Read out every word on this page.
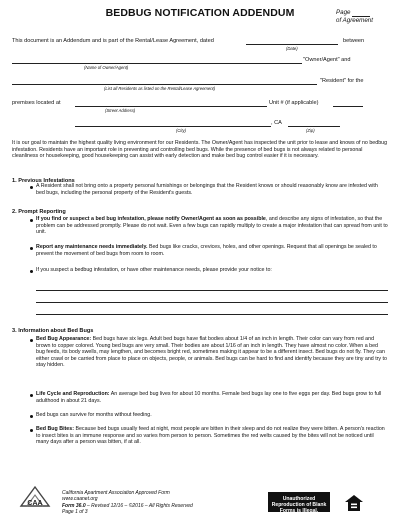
BEDBUG NOTIFICATION ADDENDUM	Page
of Agreement
This document is an Addendum and is part of the Rental/Lease Agreement, dated	between
(Date)
"Owner/Agent" and
(Name of Owner/Agent)
"Resident" for the
(List all Residents as listed on the Rental/Lease Agreement)
premises located at	Unit # (if applicable)
(Street Address)
, CA
(City)	(Zip)
It is our goal to maintain the highest quality living environment for our Residents. The Owner/Agent has inspected the unit prior to lease and knows of no bedbug infestation. Residents have an important role in preventing and controlling bed bugs. While the presence of bed bugs is not always related to personal cleanliness or housekeeping, good housekeeping can assist with early detection and make bed bug control easier if it is necessary.
1. Previous Infestations
A Resident shall not bring onto a property personal furnishings or belongings that the Resident knows or should reasonably know are infested with bed bugs, including the personal property of the Resident's guests.
2. Prompt Reporting
If you find or suspect a bed bug infestation, please notify Owner/Agent as soon as possible, and describe any signs of infestation, so that the problem can be addressed promptly. Please do not wait. Even a few bugs can rapidly multiply to create a major infestation that can spread from unit to unit.
Report any maintenance needs immediately. Bed bugs like cracks, crevices, holes, and other openings. Request that all openings be sealed to prevent the movement of bed bugs from room to room.
If you suspect a bedbug infestation, or have other maintenance needs, please provide your notice to:
3. Information about Bed Bugs
Bed Bug Appearance: Bed bugs have six legs. Adult bed bugs have flat bodies about 1/4 of an inch in length. Their color can vary from red and brown to copper colored. Young bed bugs are very small. Their bodies are about 1/16 of an inch in length. They have almost no color. When a bed bug feeds, its body swells, may lengthen, and becomes bright red, sometimes making it appear to be a different insect. Bed bugs do not fly. They can either crawl or be carried from place to place on objects, people, or animals. Bed bugs can be hard to find and identify because they are tiny and try to stay hidden.
Life Cycle and Reproduction: An average bed bug lives for about 10 months. Female bed bugs lay one to five eggs per day. Bed bugs grow to full adulthood in about 21 days.
Bed bugs can survive for months without feeding.
Bed Bug Bites: Because bed bugs usually feed at night, most people are bitten in their sleep and do not realize they were bitten. A person's reaction to insect bites is an immune response and so varies from person to person. Sometimes the red welts caused by the bites will not be noticed until many days after a person was bitten, if at all.
CAA
California Apartment Association Approved Form
www.caanet.org
Form 36.0 – Revised 12/16 – ©2016 – All Rights Reserved
Page 1 of 3
Unauthorized Reproduction of Blank Forms is Illegal.
